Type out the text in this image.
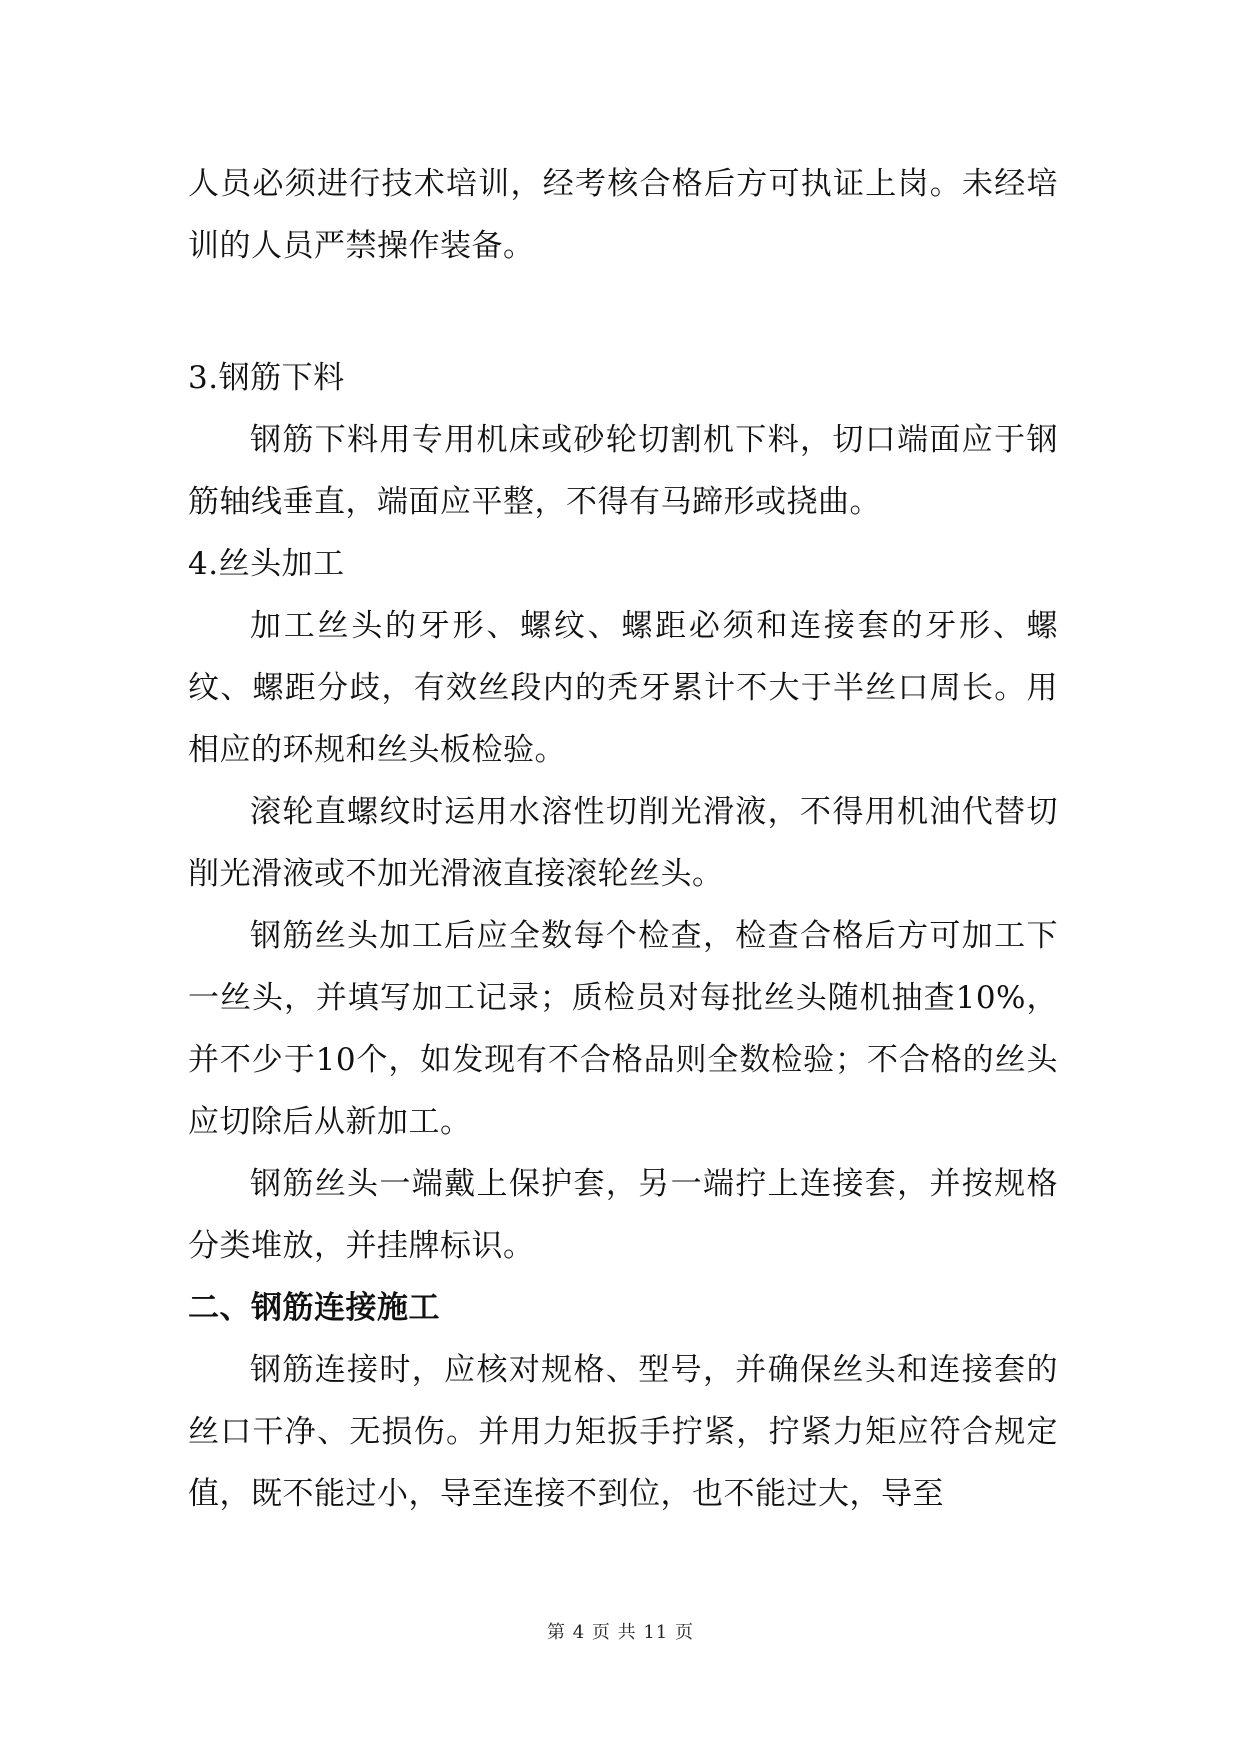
人员必须进行技术培训，经考核合格后方可执证上岗。未经培训的人员严禁操作装备。

3.钢筋下料

钢筋下料用专用机床或砂轮切割机下料，切口端面应于钢筋轴线垂直，端面应平整，不得有马蹄形或挠曲。

4.丝头加工

加工丝头的牙形、螺纹、螺距必须和连接套的牙形、螺纹、螺距分歧，有效丝段内的秃牙累计不大于半丝口周长。用相应的环规和丝头板检验。

滚轮直螺纹时运用水溶性切削光滑液，不得用机油代替切削光滑液或不加光滑液直接滚轮丝头。

钢筋丝头加工后应全数每个检查，检查合格后方可加工下一丝头，并填写加工记录；质检员对每批丝头随机抽查10%，并不少于10个，如发现有不合格品则全数检验；不合格的丝头应切除后从新加工。

钢筋丝头一端戴上保护套，另一端拧上连接套，并按规格分类堆放，并挂牌标识。

二、钢筋连接施工

钢筋连接时，应核对规格、型号，并确保丝头和连接套的丝口干净、无损伤。并用力矩扳手拧紧，拧紧力矩应符合规定值，既不能过小，导至连接不到位，也不能过大，导至

第 4 页 共 11 页
